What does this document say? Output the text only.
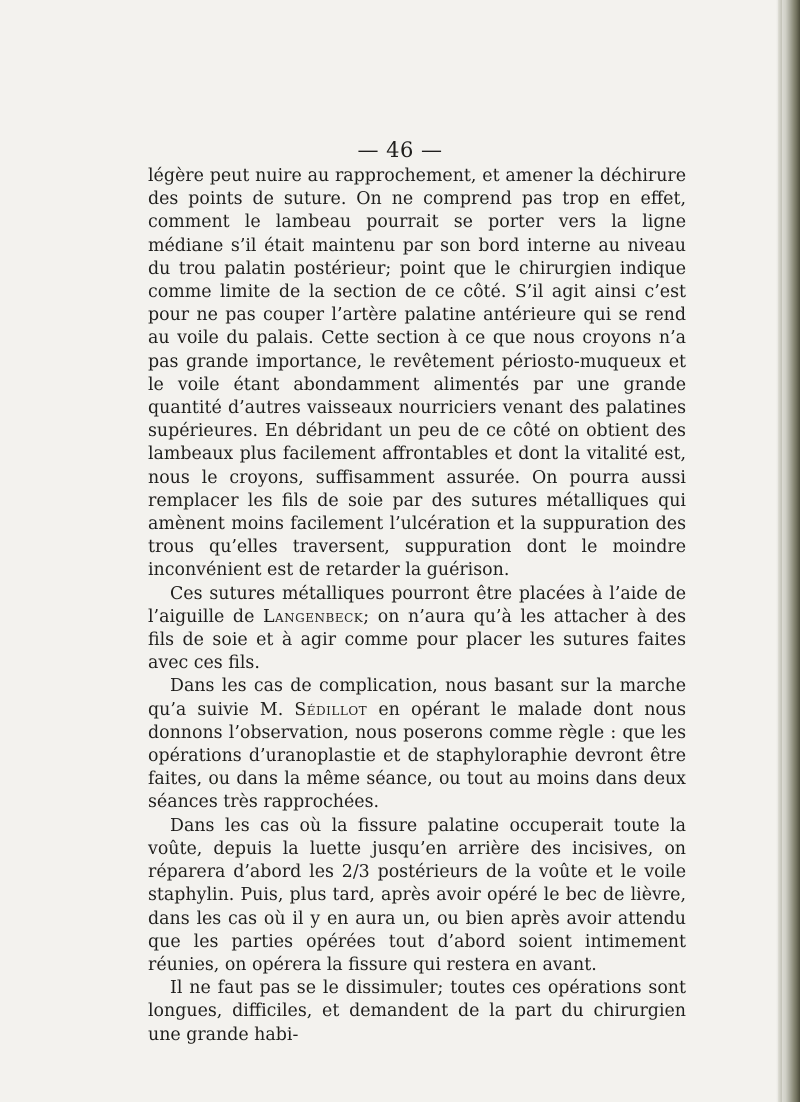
— 46 —

légère peut nuire au rapprochement, et amener la déchirure des points de suture. On ne comprend pas trop en effet, comment le lambeau pourrait se porter vers la ligne médiane s’il était maintenu par son bord interne au niveau du trou palatin postérieur; point que le chirurgien indique comme limite de la section de ce côté. S’il agit ainsi c’est pour ne pas couper l’artère palatine antérieure qui se rend au voile du palais. Cette section à ce que nous croyons n’a pas grande importance, le revêtement périosto-muqueux et le voile étant abondamment alimentés par une grande quantité d’autres vaisseaux nourriciers venant des palatines supérieures. En débridant un peu de ce côté on obtient des lambeaux plus facilement affrontables et dont la vitalité est, nous le croyons, suffisamment assurée. On pourra aussi remplacer les fils de soie par des sutures métalliques qui amènent moins facilement l’ulcération et la suppuration des trous qu’elles traversent, suppuration dont le moindre inconvénient est de retarder la guérison.

Ces sutures métalliques pourront être placées à l’aide de l’aiguille de Langenbeck; on n’aura qu’à les attacher à des fils de soie et à agir comme pour placer les sutures faites avec ces fils.

Dans les cas de complication, nous basant sur la marche qu’a suivie M. Sédillot en opérant le malade dont nous donnons l’observation, nous poserons comme règle : que les opérations d’uranoplastie et de staphyloraphie devront être faites, ou dans la même séance, ou tout au moins dans deux séances très rapprochées.

Dans les cas où la fissure palatine occuperait toute la voûte, depuis la luette jusqu’en arrière des incisives, on réparera d’abord les 2/3 postérieurs de la voûte et le voile staphylin. Puis, plus tard, après avoir opéré le bec de lièvre, dans les cas où il y en aura un, ou bien après avoir attendu que les parties opérées tout d’abord soient intimement réunies, on opérera la fissure qui restera en avant.

Il ne faut pas se le dissimuler; toutes ces opérations sont longues, difficiles, et demandent de la part du chirurgien une grande habi-
